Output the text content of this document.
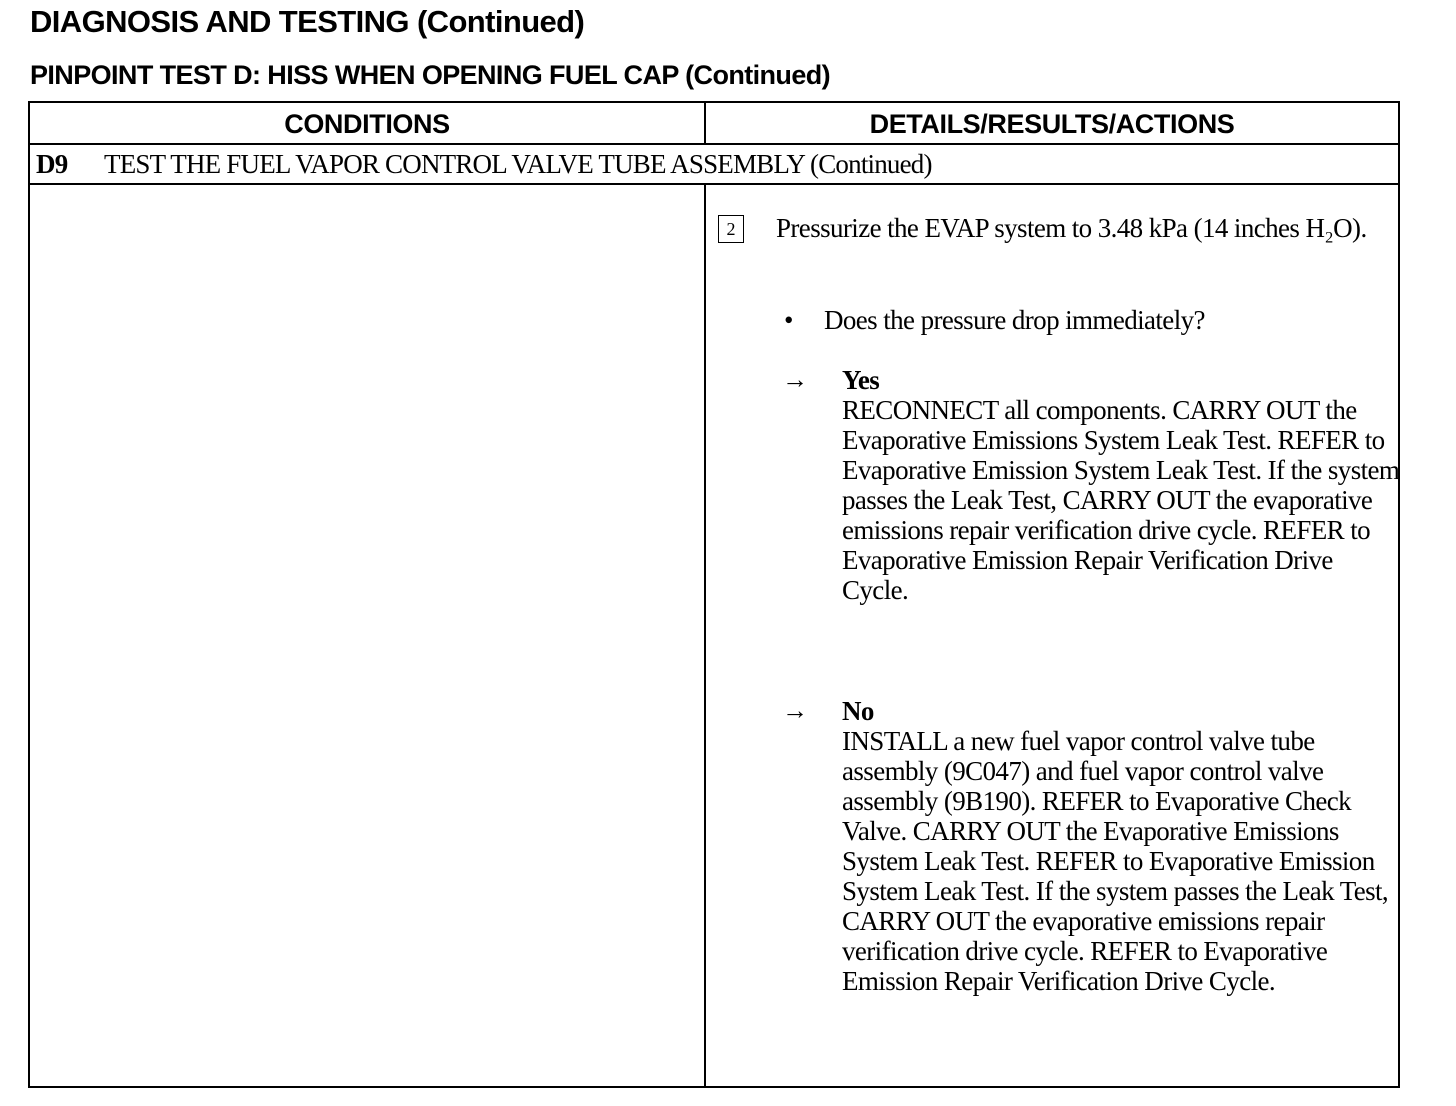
DIAGNOSIS AND TESTING (Continued)
PINPOINT TEST D: HISS WHEN OPENING FUEL CAP (Continued)
CONDITIONS	DETAILS/RESULTS/ACTIONS
D9 TEST THE FUEL VAPOR CONTROL VALVE TUBE ASSEMBLY (Continued)
2	Pressurize the EVAP system to 3.48 kPa (14 inches H₂O).
• Does the pressure drop immediately?
→ Yes
RECONNECT all components. CARRY OUT the Evaporative Emissions System Leak Test. REFER to Evaporative Emission System Leak Test. If the system passes the Leak Test, CARRY OUT the evaporative emissions repair verification drive cycle. REFER to Evaporative Emission Repair Verification Drive Cycle.
→ No
INSTALL a new fuel vapor control valve tube assembly (9C047) and fuel vapor control valve assembly (9B190). REFER to Evaporative Check Valve. CARRY OUT the Evaporative Emissions System Leak Test. REFER to Evaporative Emission System Leak Test. If the system passes the Leak Test, CARRY OUT the evaporative emissions repair verification drive cycle. REFER to Evaporative Emission Repair Verification Drive Cycle.
